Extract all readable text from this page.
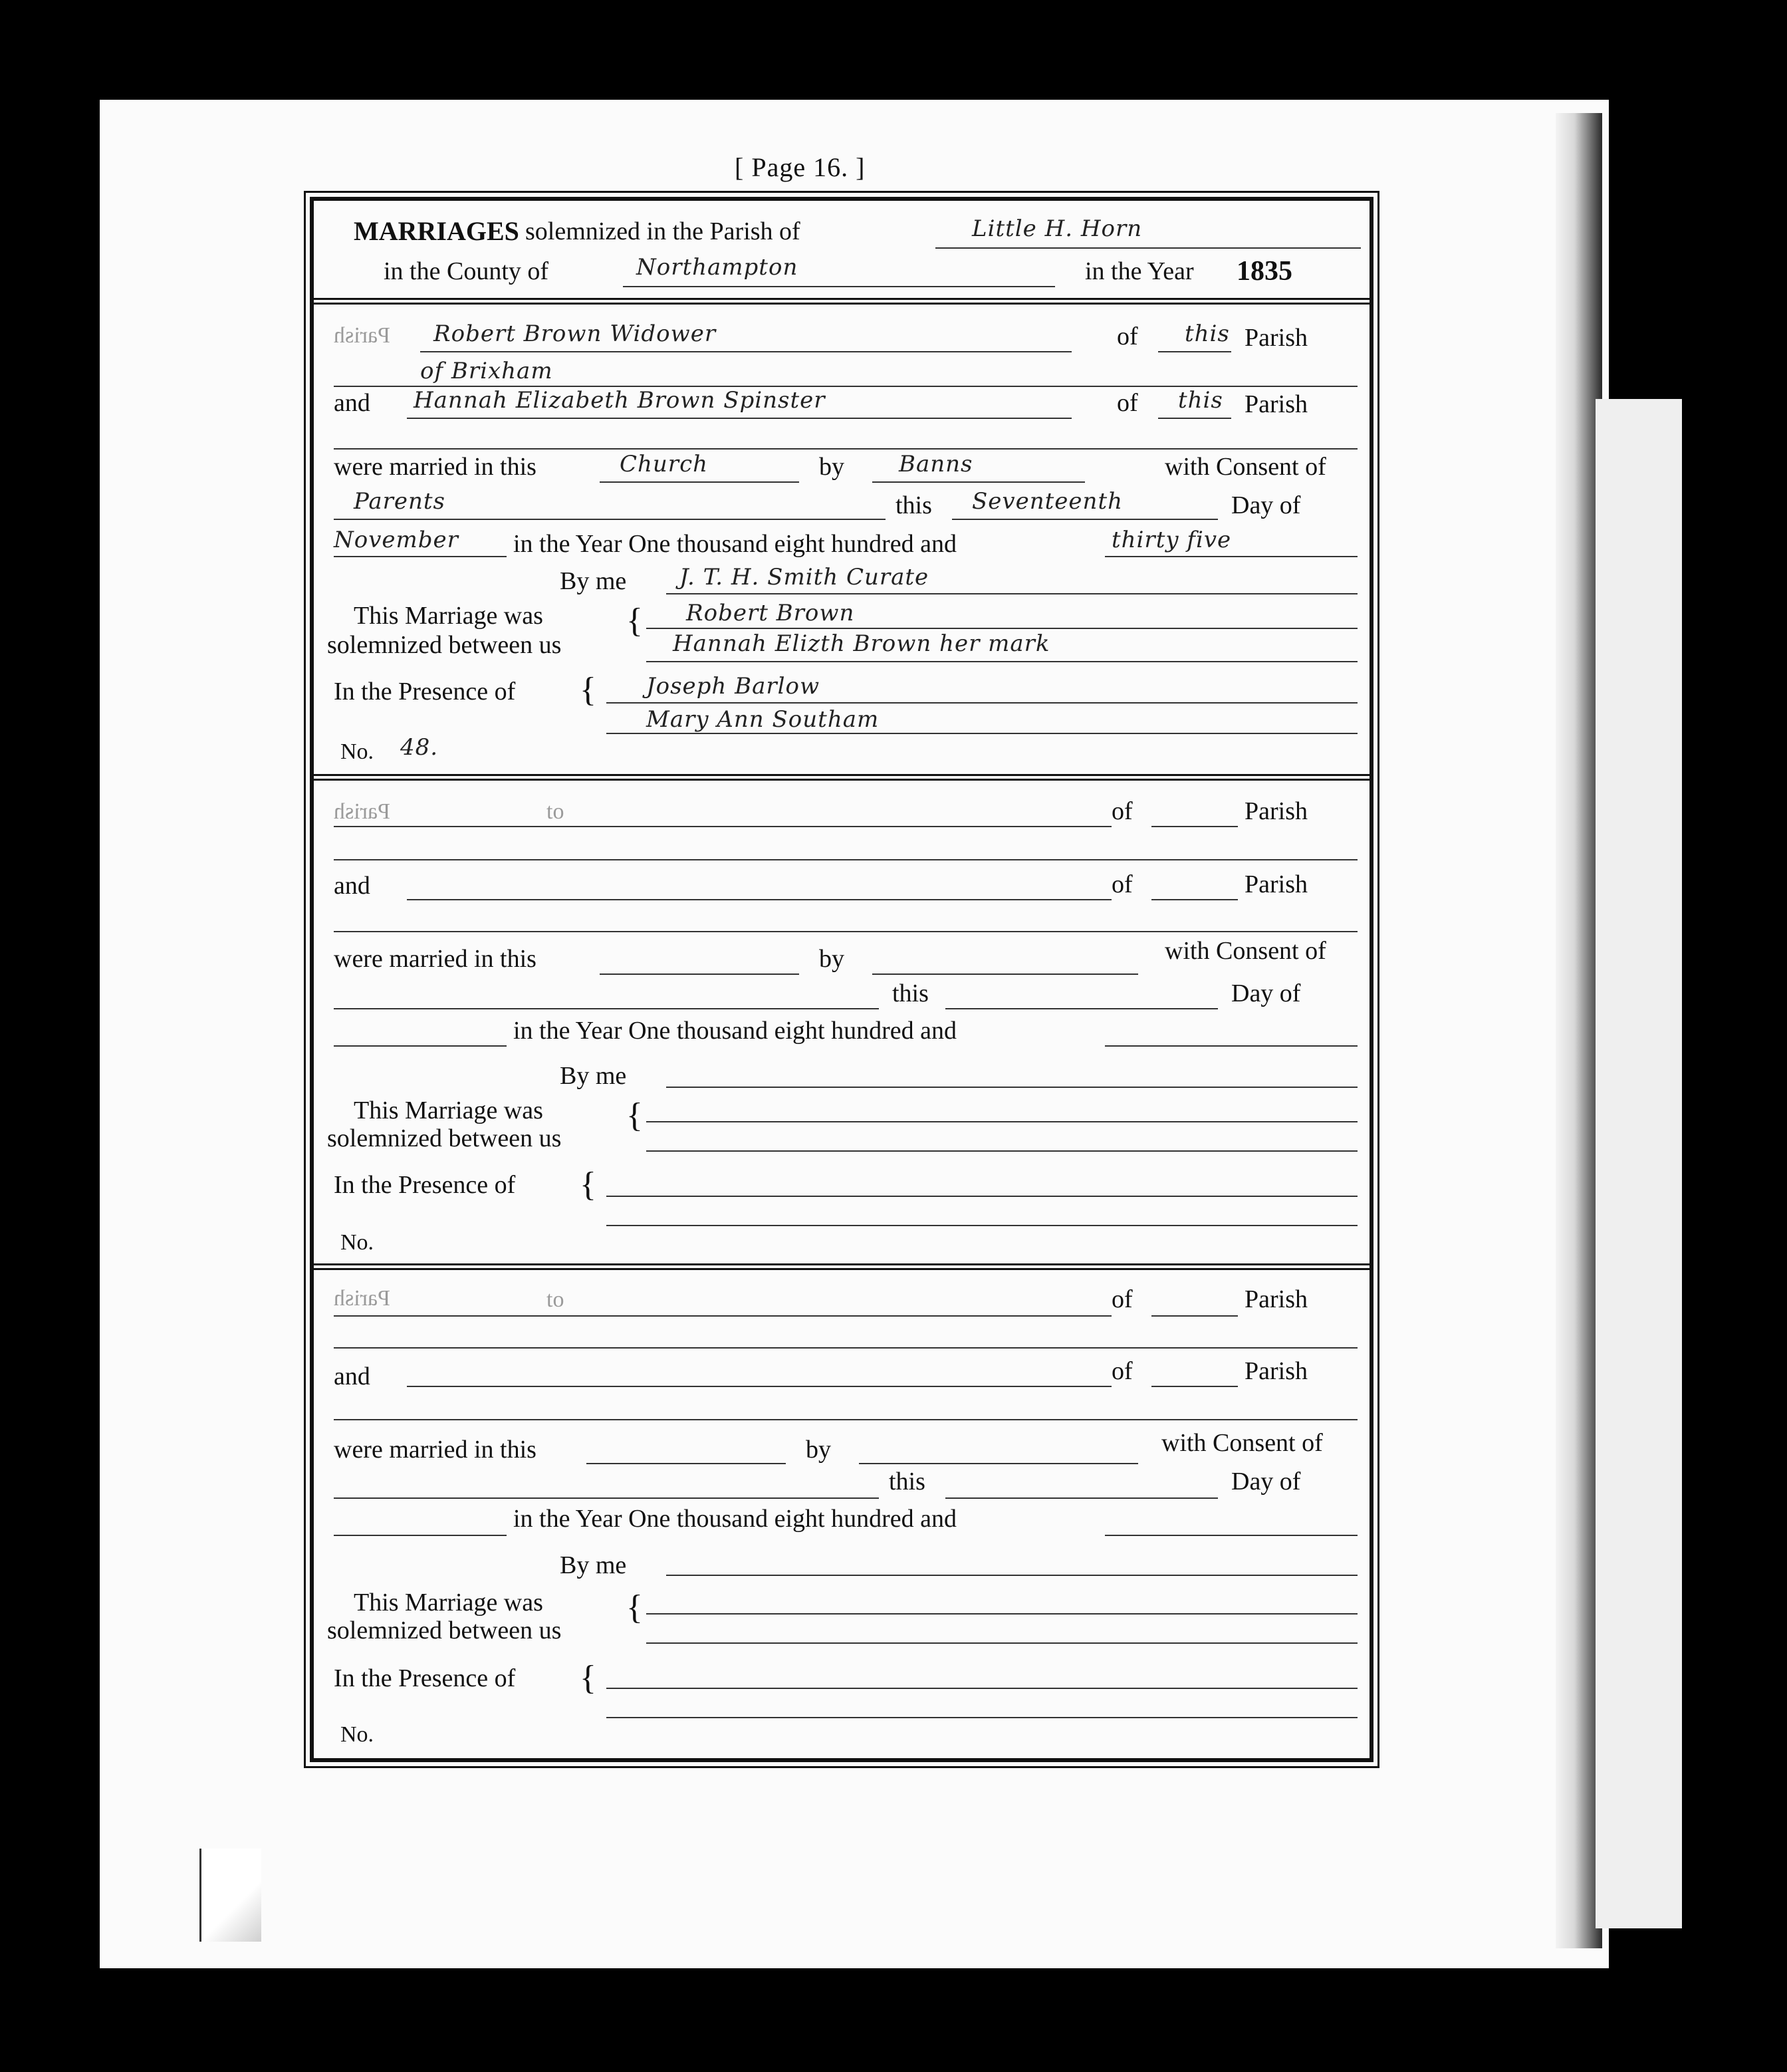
[ Page 16. ]
MARRIAGES solemnized in the Parish of	Little H. Horn
in the County of	Northampton	in the Year 1835
Parish Robert Brown Widower	of this Parish
of Brixham
and Hannah Elizabeth Brown Spinster	of this Parish
were married in this	Church	by Banns	with Consent of
Parents	this Seventeenth	Day of
November in the Year One thousand eight hundred and	thirty five
By me J. T. H. Smith Curate
This Marriage was
solemnized between us
{ Robert Brown
Hannah Elizth Brown her mark
In the Presence of { Joseph Barlow
Mary Ann Southam
No. 48.
Parish	to	of	Parish
and	of	Parish
were married in this	by	with Consent of
this	Day of
in the Year One thousand eight hundred and
By me
This Marriage was
solemnized between us
{
In the Presence of {
No.
Parish	to	of	Parish
and	of	Parish
were married in this	by	with Consent of
this	Day of
in the Year One thousand eight hundred and
By me
This Marriage was
solemnized between us
{
In the Presence of {
No.
